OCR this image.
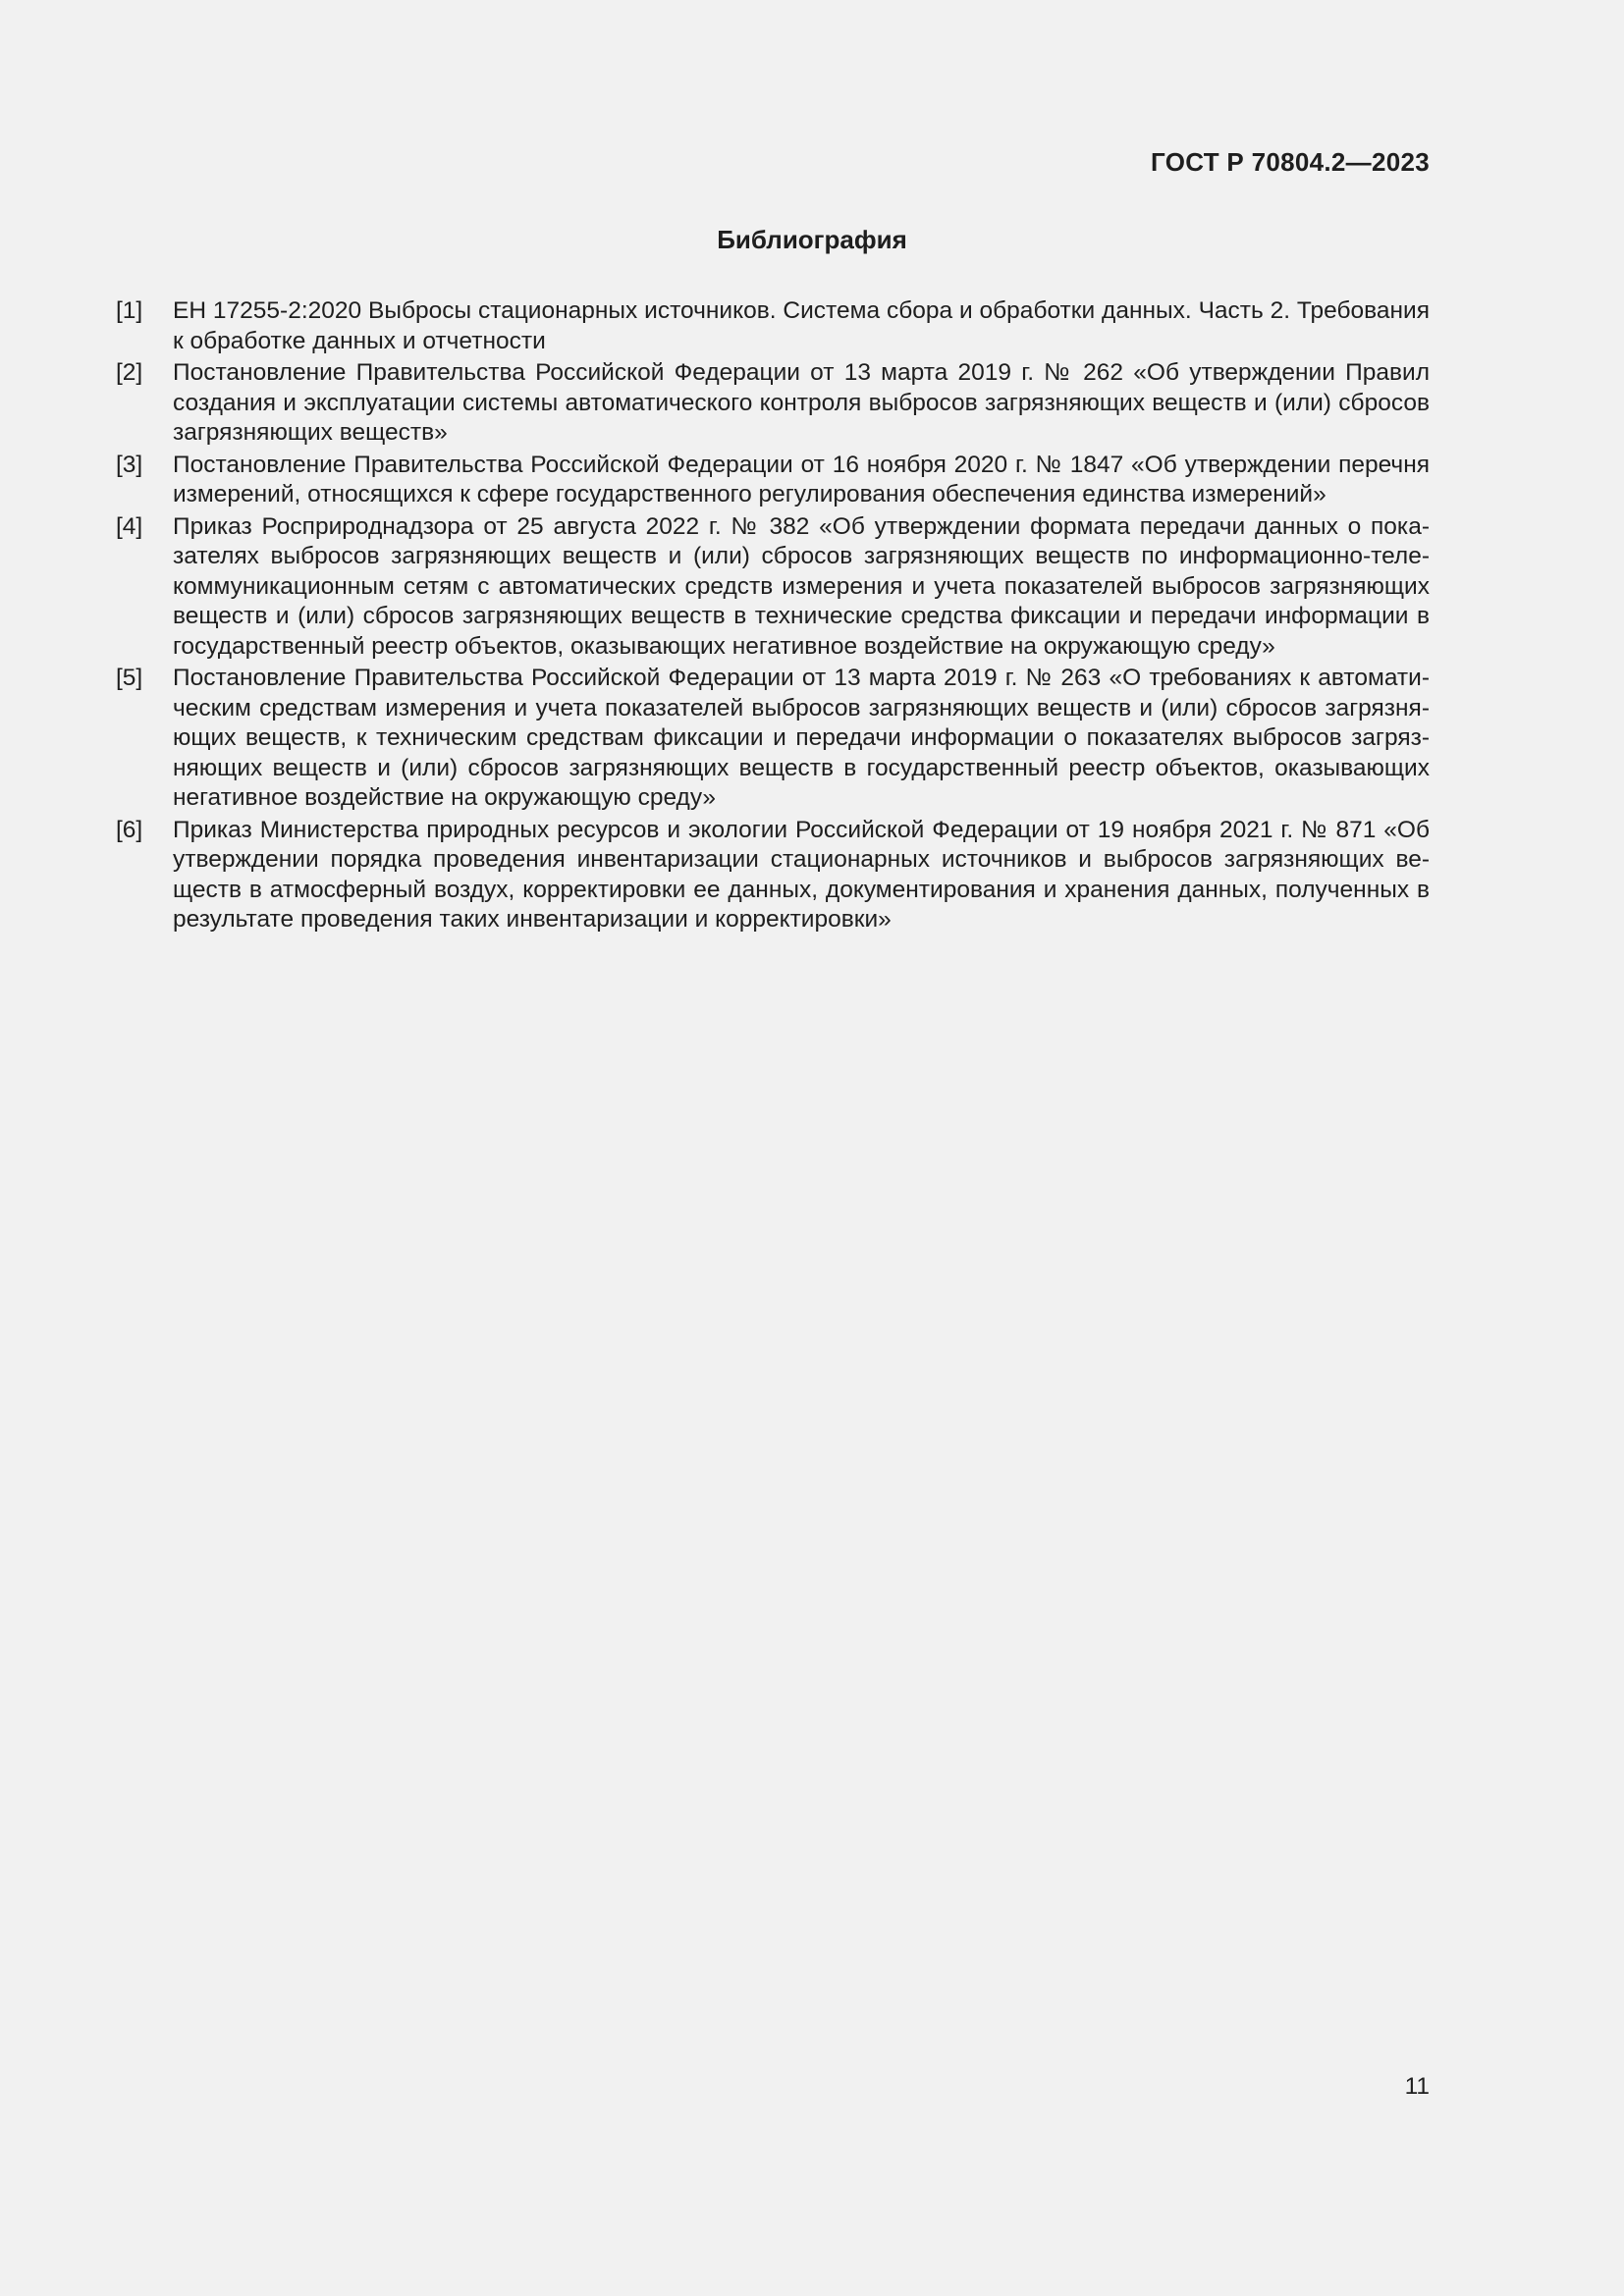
ГОСТ Р 70804.2—2023
Библиография
[1] ЕН 17255-2:2020 Выбросы стационарных источников. Система сбора и обработки данных. Часть 2. Требования к обработке данных и отчетности
[2] Постановление Правительства Российской Федерации от 13 марта 2019 г. № 262 «Об утверждении Правил создания и эксплуатации системы автоматического контроля выбросов загрязняющих веществ и (или) сбросов загрязняющих веществ»
[3] Постановление Правительства Российской Федерации от 16 ноября 2020 г. № 1847 «Об утверждении перечня измерений, относящихся к сфере государственного регулирования обеспечения единства измерений»
[4] Приказ Росприроднадзора от 25 августа 2022 г. № 382 «Об утверждении формата передачи данных о показателях выбросов загрязняющих веществ и (или) сбросов загрязняющих веществ по информационно-телекоммуникационным сетям с автоматических средств измерения и учета показателей выбросов загрязняющих веществ и (или) сбросов загрязняющих веществ в технические средства фиксации и передачи информации в государственный реестр объектов, оказывающих негативное воздействие на окружающую среду»
[5] Постановление Правительства Российской Федерации от 13 марта 2019 г. № 263 «О требованиях к автоматическим средствам измерения и учета показателей выбросов загрязняющих веществ и (или) сбросов загрязняющих веществ, к техническим средствам фиксации и передачи информации о показателях выбросов загрязняющих веществ и (или) сбросов загрязняющих веществ в государственный реестр объектов, оказывающих негативное воздействие на окружающую среду»
[6] Приказ Министерства природных ресурсов и экологии Российской Федерации от 19 ноября 2021 г. № 871 «Об утверждении порядка проведения инвентаризации стационарных источников и выбросов загрязняющих веществ в атмосферный воздух, корректировки ее данных, документирования и хранения данных, полученных в результате проведения таких инвентаризации и корректировки»
11
